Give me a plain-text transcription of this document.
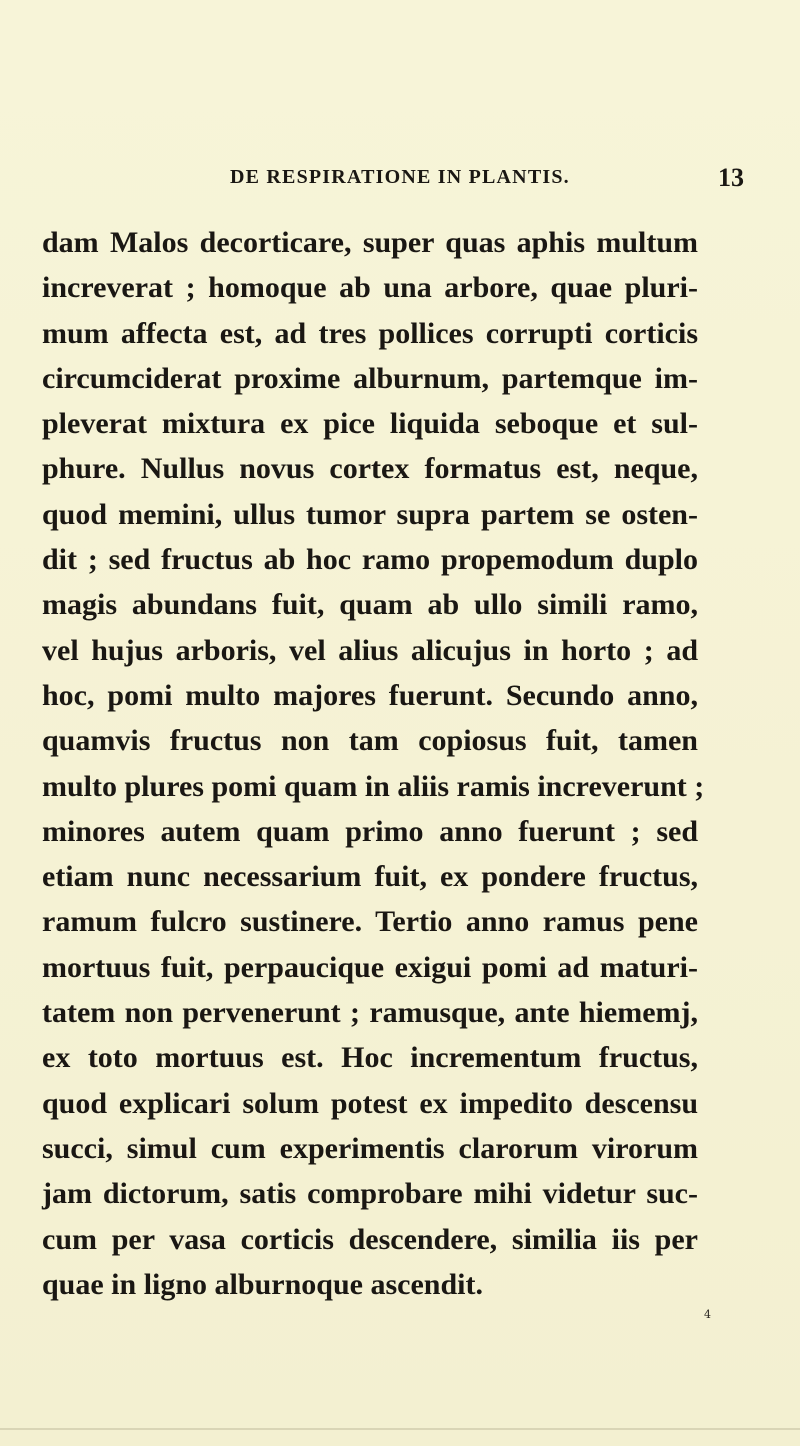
DE RESPIRATIONE IN PLANTIS.	13
dam Malos decorticare, super quas aphis multum
increverat ; homoque ab una arbore, quae pluri-
mum affecta est, ad tres pollices corrupti corticis
circumciderat proxime alburnum, partemque im-
pleverat mixtura ex pice liquida seboque et sul-
phure. Nullus novus cortex formatus est, neque,
quod memini, ullus tumor supra partem se osten-
dit ; sed fructus ab hoc ramo propemodum duplo
magis abundans fuit, quam ab ullo simili ramo,
vel hujus arboris, vel alius alicujus in horto ; ad
hoc, pomi multo majores fuerunt. Secundo anno,
quamvis fructus non tam copiosus fuit, tamen
multo plures pomi quam in aliis ramis increverunt ;
minores autem quam primo anno fuerunt ; sed
etiam nunc necessarium fuit, ex pondere fructus,
ramum fulcro sustinere. Tertio anno ramus pene
mortuus fuit, perpaucique exigui pomi ad maturi-
tatem non pervenerunt ; ramusque, ante hiememj,
ex toto mortuus est. Hoc incrementum fructus,
quod explicari solum potest ex impedito descensu
succi, simul cum experimentis clarorum virorum
jam dictorum, satis comprobare mihi videtur suc-
cum per vasa corticis descendere, similia iis per
quae in ligno alburnoque ascendit.
4
